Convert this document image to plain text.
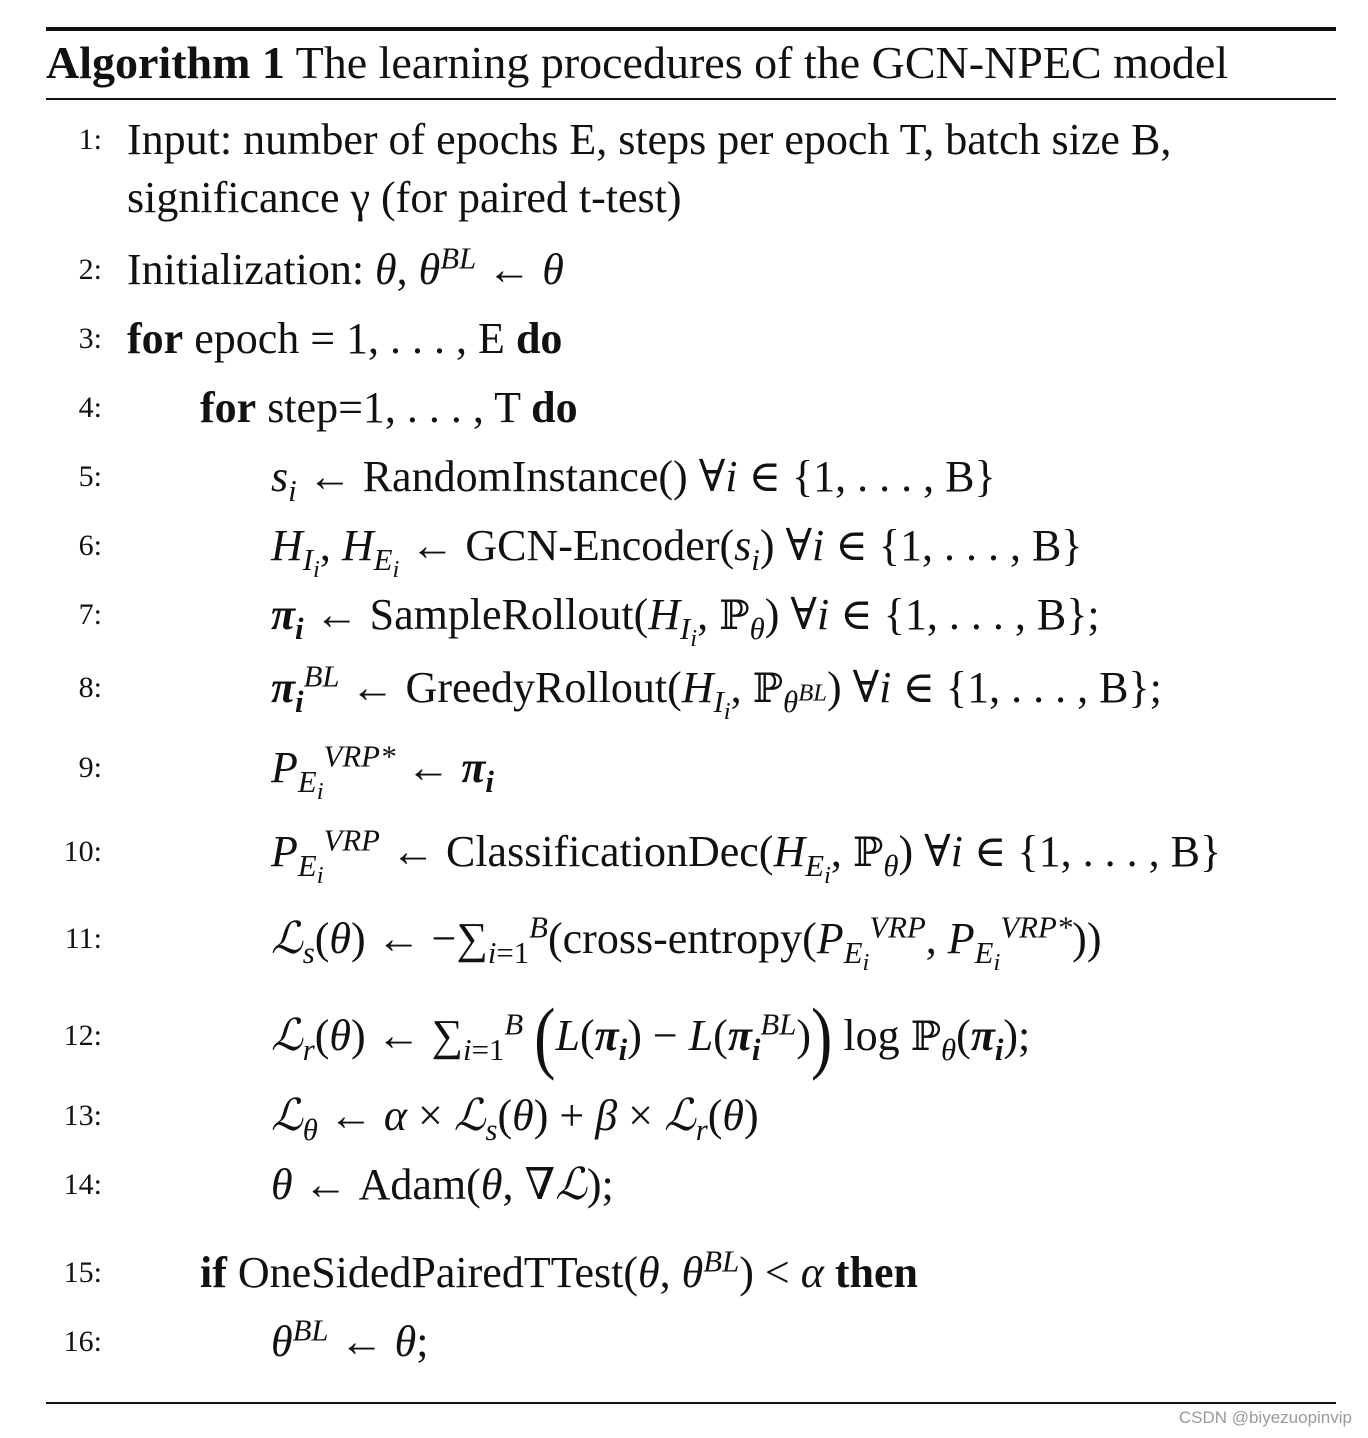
Algorithm 1 The learning procedures of the GCN-NPEC model
1: Input: number of epochs E, steps per epoch T, batch size B,
significance γ (for paired t-test)
2: Initialization: θ, $\theta^{BL}$ ← θ
3: for epoch = 1, . . . , E do
4: for step=1, . . . , T do
5:	$s_i$ ← RandomInstance() ∀i ∈ {1, . . . , B}
6:	$H_{I_i}$, $H_{E_i}$ ← GCN-$Encoder(s_i)$ ∀i ∈ {1, . . . , B}
7:	$\pi_i$ ← $SampleRollout(H_{I_i}$, ℙ$_\theta$) ∀i ∈ {1, . . . , B};
8:	$\pi_i^{BL}$ ← $GreedyRollout(H_{I_i}$, ℙ$_{\theta^{BL}}$) ∀i ∈ {1, . . . , B};
9:	$P_{E_i}^{VRP*}$ ← $\pi_i$
10:	$P_{E_i}^{VRP}$ ← $ClassificationDec(H_{E_i}$, ℙ$_\theta$) ∀i ∈ {1, . . . , B}
11:	ℒ$_s$(θ) ← $-\sum_{i=1}^B(cross-entropy(P_{E_i}^{VRP}$, $P_{E_i}^{VRP*}$))
12:	ℒ$_r$(θ) ← $\sum_{i=1}^B$ $(L(\pi_i) - L(\pi_i^{BL}))$ $\log ℙ_\theta(\pi_i)$;
13:	ℒ$_\theta$ ← α × ℒ$_s$(θ) + β × ℒ$_r$(θ)
14:	θ ← Adam(θ, ∇ℒ);
15: if OneSidedPairedTTest(θ, $\theta^{BL}) < \alpha$ then
16:	$\theta^{BL}$ ← θ;
CSDN @biyezuopinvip
